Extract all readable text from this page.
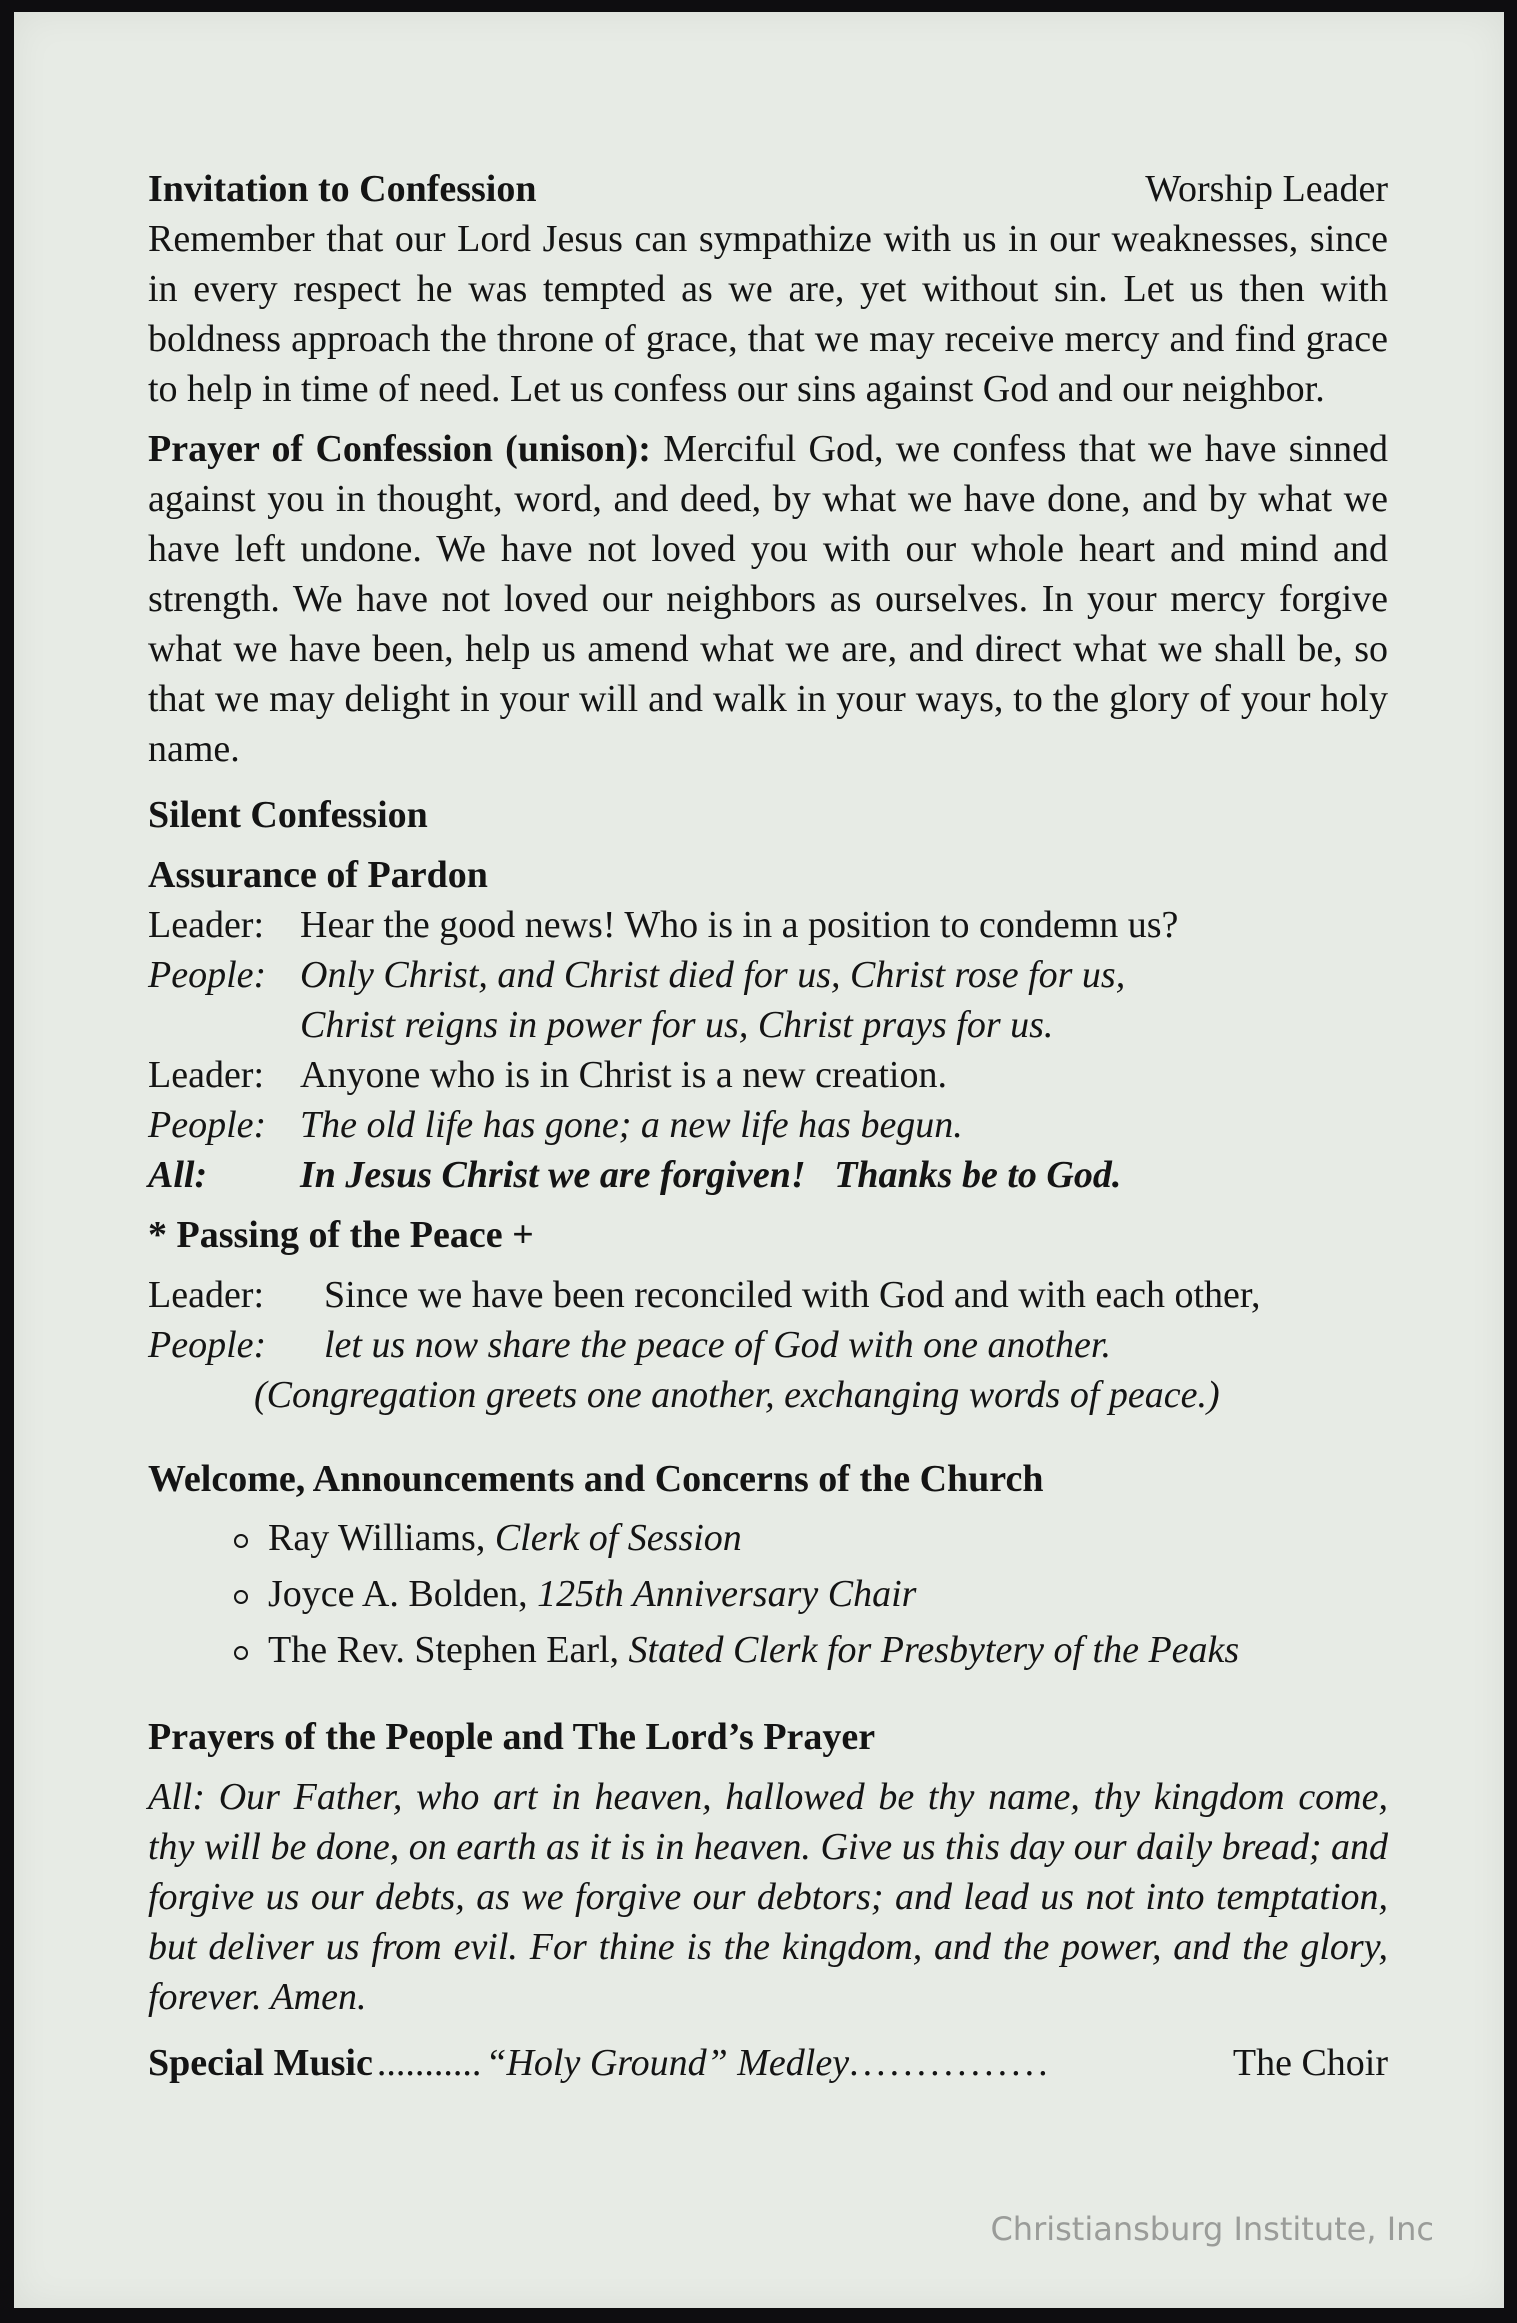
Invitation to Confession	Worship Leader
Remember that our Lord Jesus can sympathize with us in our weaknesses, since in every respect he was tempted as we are, yet without sin. Let us then with boldness approach the throne of grace, that we may receive mercy and find grace to help in time of need. Let us confess our sins against God and our neighbor.
Prayer of Confession (unison): Merciful God, we confess that we have sinned against you in thought, word, and deed, by what we have done, and by what we have left undone. We have not loved you with our whole heart and mind and strength. We have not loved our neighbors as ourselves. In your mercy forgive what we have been, help us amend what we are, and direct what we shall be, so that we may delight in your will and walk in your ways, to the glory of your holy name.
Silent Confession
Assurance of Pardon
Leader: Hear the good news! Who is in a position to condemn us?
People: Only Christ, and Christ died for us, Christ rose for us,
Christ reigns in power for us, Christ prays for us.
Leader: Anyone who is in Christ is a new creation.
People: The old life has gone; a new life has begun.
All:	In Jesus Christ we are forgiven!   Thanks be to God.
* Passing of the Peace +
Leader:	Since we have been reconciled with God and with each other,
People:	let us now share the peace of God with one another.
(Congregation greets one another, exchanging words of peace.)
Welcome, Announcements and Concerns of the Church
Ray Williams, Clerk of Session
Joyce A. Bolden, 125th Anniversary Chair
The Rev. Stephen Earl, Stated Clerk for Presbytery of the Peaks
Prayers of the People and The Lord’s Prayer
All: Our Father, who art in heaven, hallowed be thy name, thy kingdom come, thy will be done, on earth as it is in heaven. Give us this day our daily bread; and forgive us our debts, as we forgive our debtors; and lead us not into temptation, but deliver us from evil. For thine is the kingdom, and the power, and the glory, forever. Amen.
Special Music ........... “Holy Ground” Medley ...............	The Choir
Christiansburg Institute, Inc
